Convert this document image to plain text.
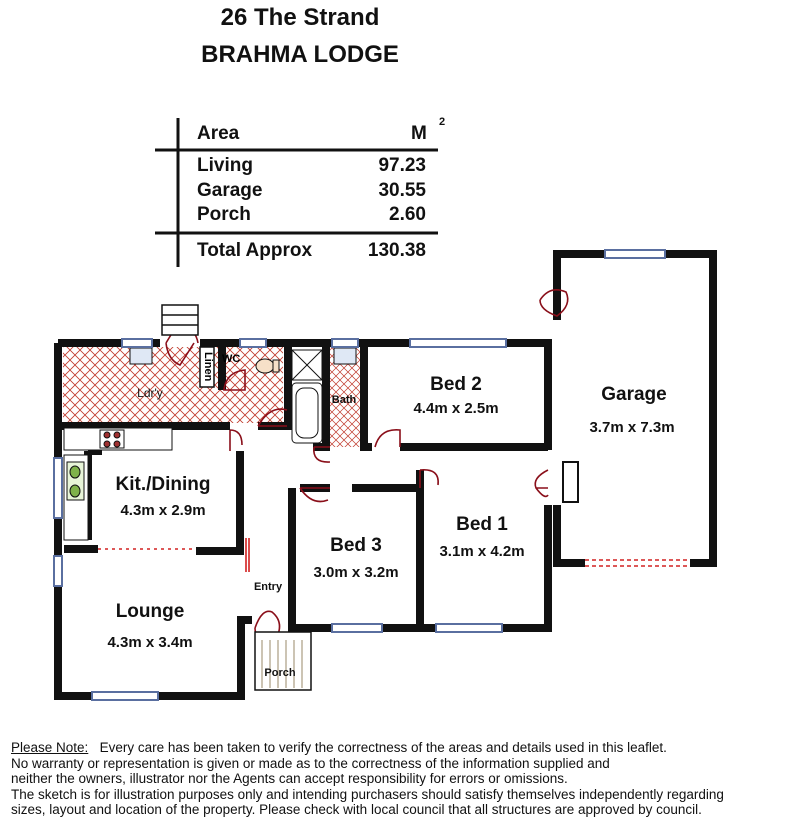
26 The Strand
BRAHMA LODGE
Area	M
2
Living	97.23
Garage	30.55
Porch	2.60
Total Approx	130.38
Linen WC
Garage
3.7m x 7.3m
Bed 2
4.4m x 2.5m
Bed 1
3.1m x 4.2m
Bed 3
3.0m x 3.2m
Kit./Dining
4.3m x 2.9m
Lounge
4.3m x 3.4m
Ldr'y	Bath
Entry
Porch
Please Note: Every care has been taken to verify the correctness of the areas and details used in this leaflet.
No warranty or representation is given or made as to the correctness of the information supplied and
neither the owners, illustrator nor the Agents can accept responsibility for errors or omissions.
The sketch is for illustration purposes only and intending purchasers should satisfy themselves independently regarding
sizes, layout and location of the property. Please check with local council that all structures are approved by council.
